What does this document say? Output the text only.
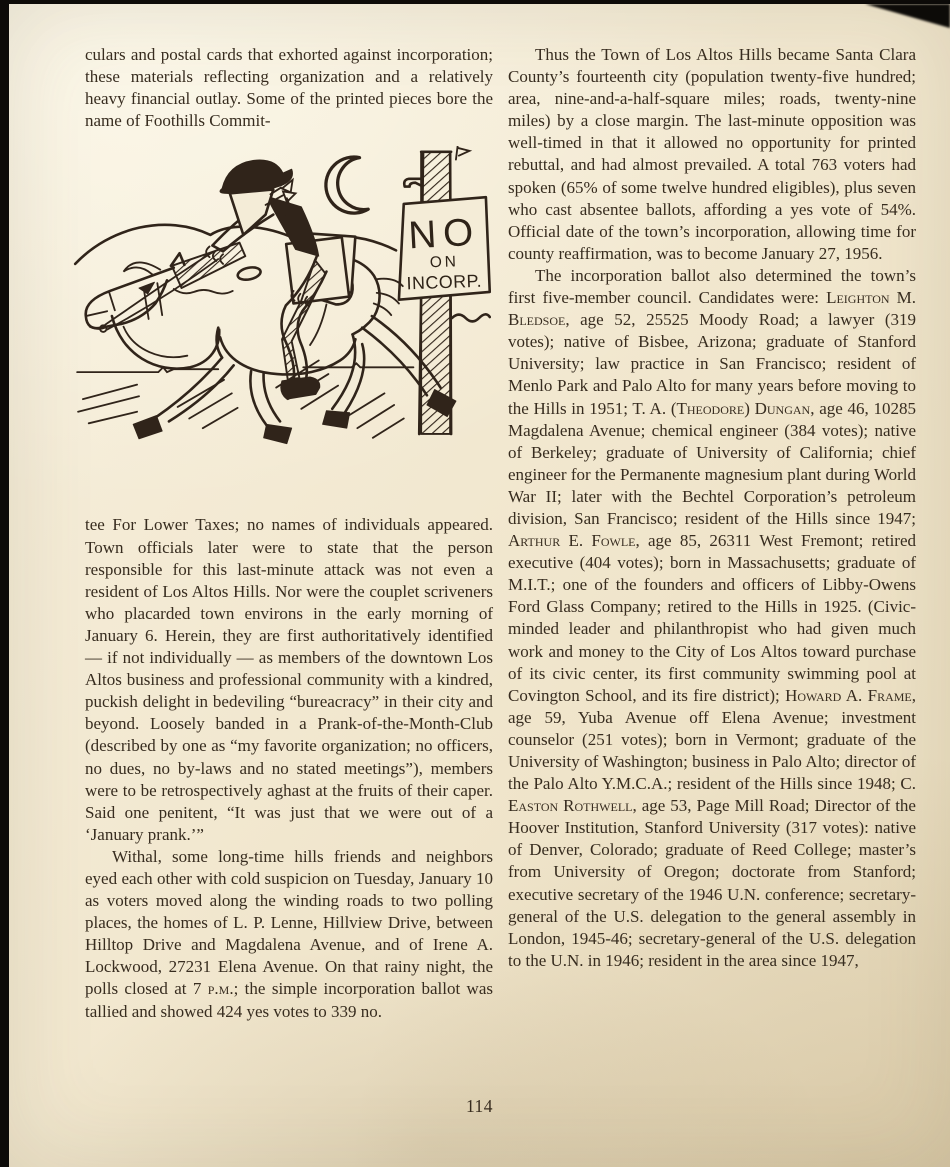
culars and postal cards that exhorted against incorporation; these materials reflecting organization and a relatively heavy financial outlay. Some of the printed pieces bore the name of Foothills Commit-

NO
ON
INCORP.

tee For Lower Taxes; no names of individuals appeared. Town officials later were to state that the person responsible for this last-minute attack was not even a resident of Los Altos Hills. Nor were the couplet scriveners who placarded town environs in the early morning of January 6. Herein, they are first authoritatively identified — if not individually — as members of the downtown Los Altos business and professional community with a kindred, puckish delight in bedeviling “bureacracy” in their city and beyond. Loosely banded in a Prank-of-the-Month-Club (described by one as “my favorite organization; no officers, no dues, no by-laws and no stated meetings”), members were to be retrospectively aghast at the fruits of their caper. Said one penitent, “It was just that we were out of a ‘January prank.’”

Withal, some long-time hills friends and neighbors eyed each other with cold suspicion on Tuesday, January 10 as voters moved along the winding roads to two polling places, the homes of L. P. Lenne, Hillview Drive, between Hilltop Drive and Magdalena Avenue, and of Irene A. Lockwood, 27231 Elena Avenue. On that rainy night, the polls closed at 7 p.m.; the simple incorporation ballot was tallied and showed 424 yes votes to 339 no.

Thus the Town of Los Altos Hills became Santa Clara County’s fourteenth city (population twenty-five hundred; area, nine-and-a-half-square miles; roads, twenty-nine miles) by a close margin. The last-minute opposition was well-timed in that it allowed no opportunity for printed rebuttal, and had almost prevailed. A total 763 voters had spoken (65% of some twelve hundred eligibles), plus seven who cast absentee ballots, affording a yes vote of 54%. Official date of the town’s incorporation, allowing time for county reaffirmation, was to become January 27, 1956.

The incorporation ballot also determined the town’s first five-member council. Candidates were: Leighton M. Bledsoe, age 52, 25525 Moody Road; a lawyer (319 votes); native of Bisbee, Arizona; graduate of Stanford University; law practice in San Francisco; resident of Menlo Park and Palo Alto for many years before moving to the Hills in 1951; T. A. (Theodore) Dungan, age 46, 10285 Magdalena Avenue; chemical engineer (384 votes); native of Berkeley; graduate of University of California; chief engineer for the Permanente magnesium plant during World War II; later with the Bechtel Corporation’s petroleum division, San Francisco; resident of the Hills since 1947; Arthur E. Fowle, age 85, 26311 West Fremont; retired executive (404 votes); born in Massachusetts; graduate of M.I.T.; one of the founders and officers of Libby-Owens Ford Glass Company; retired to the Hills in 1925. (Civic-minded leader and philanthropist who had given much work and money to the City of Los Altos toward purchase of its civic center, its first community swimming pool at Covington School, and its fire district); Howard A. Frame, age 59, Yuba Avenue off Elena Avenue; investment counselor (251 votes); born in Vermont; graduate of the University of Washington; business in Palo Alto; director of the Palo Alto Y.M.C.A.; resident of the Hills since 1948; C. Easton Rothwell, age 53, Page Mill Road; Director of the Hoover Institution, Stanford University (317 votes): native of Denver, Colorado; graduate of Reed College; master’s from University of Oregon; doctorate from Stanford; executive secretary of the 1946 U.N. conference; secretary-general of the U.S. delegation to the general assembly in London, 1945-46; secretary-general of the U.S. delegation to the U.N. in 1946; resident in the area since 1947,

114
